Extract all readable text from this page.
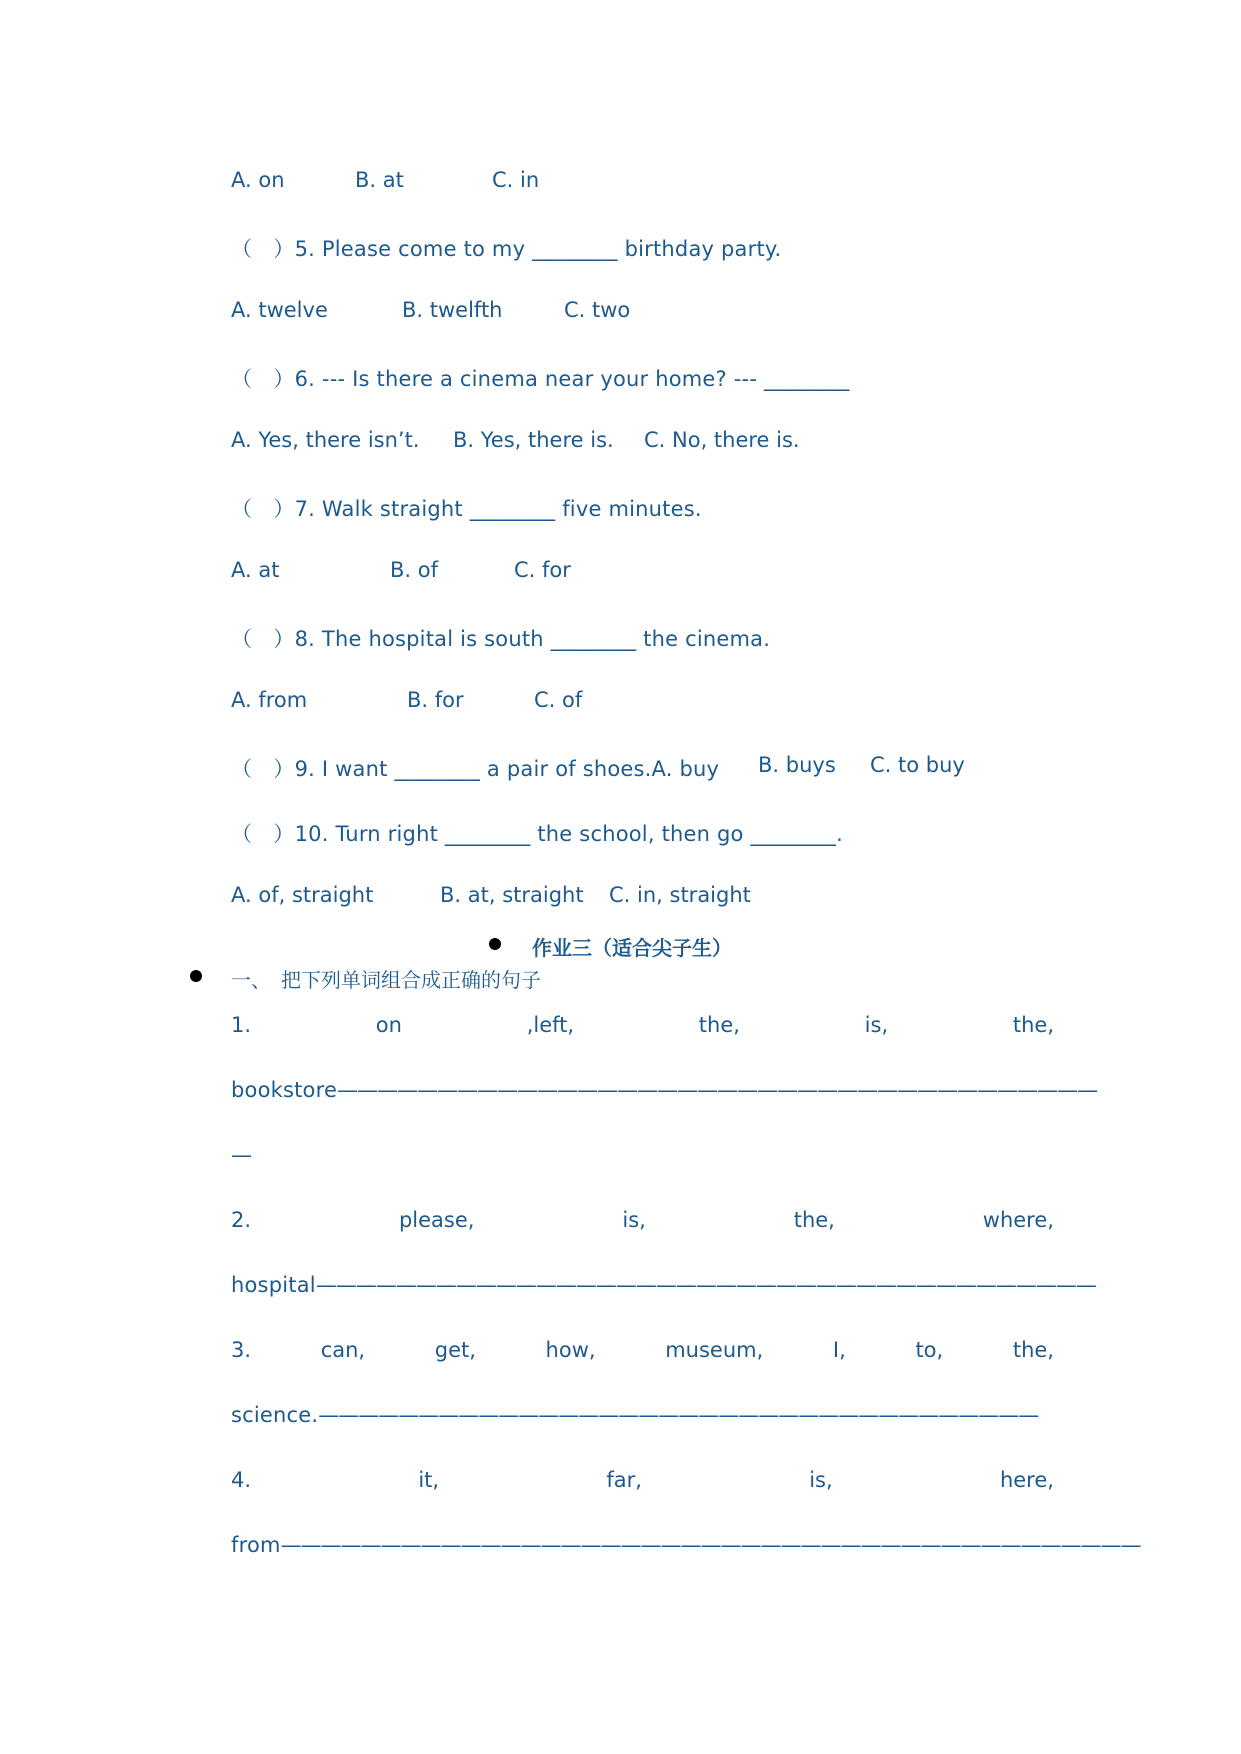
A. on	B. at	C. in
（　）5. Please come to my ________ birthday party.
A. twelve	B. twelfth	C. two
（　）6. --- Is there a cinema near your home? --- ________
A. Yes, there isn’t. B. Yes, there is. C. No, there is.
（　）7. Walk straight ________ five minutes.
A. at	B. of	C. for
（　）8. The hospital is south ________ the cinema.
A. from	B. for	C. of
（　）9. I want ________ a pair of shoes.A. buy B. buys C. to buy
（　）10. Turn right ________ the school, then go ________.
A. of, straight	B. at, straight C. in, straight
作业三（适合尖子生）
一、　把下列单词组合成正确的句子
1.	on	,left,	the,	is,	the,
bookstore——————————————————————————————————————
—
2.	please,	is,	the,	where,
hospital———————————————————————————————————————
3.	can,	get,	how,	museum,	I,	to,	the,
science.————————————————————————————————————
4.	it,	far,	is,	here,
from———————————————————————————————————————————
